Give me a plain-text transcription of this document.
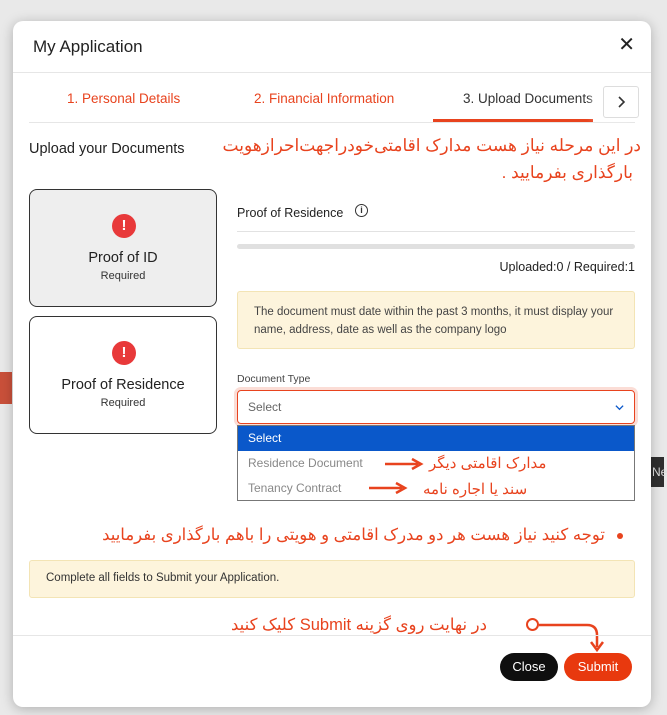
Ne
My Application	✕
1. Personal Details	2. Financial Information	3. Upload Documents
Upload your Documents در این مرحله نیاز هست مدارک اقامتی‌خودراجهت‌احرازهویت
بارگذاری بفرمایید .
!
Proof of ID
Required
!
Proof of Residence
Required
Proof of Residence	i
Uploaded:0 / Required:1
The document must date within the past 3 months, it must display your name, address, date as well as the company logo
Document Type
Select
Select
Residence Document
Tenancy Contract
مدارک اقامتی دیگر
سند یا اجاره نامه
توجه کنید نیاز هست هر دو مدرک اقامتی و هویتی را باهم بارگذاری بفرمایید
Complete all fields to Submit your Application.
در نهایت روی گزینه Submit کلیک کنید
Close	Submit
